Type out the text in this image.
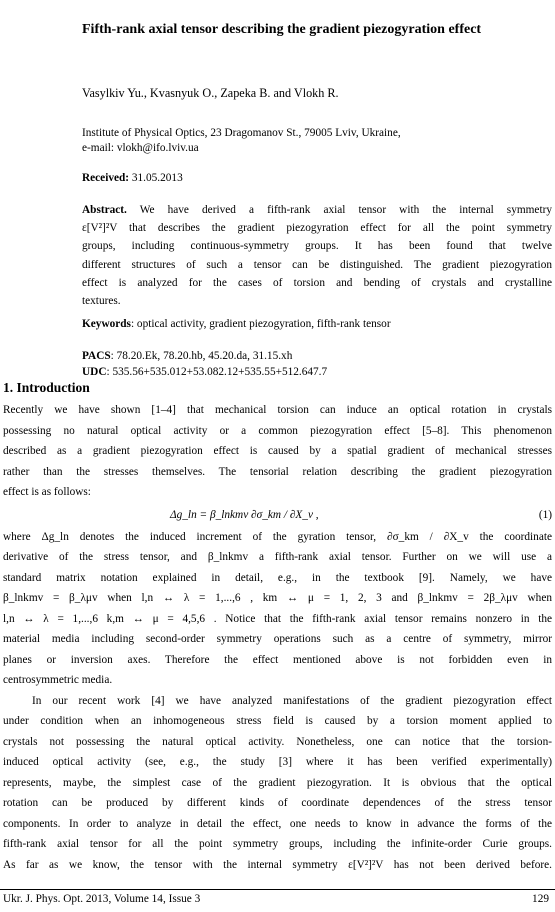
Fifth-rank axial tensor describing the gradient piezogyration effect
Vasylkiv Yu., Kvasnyuk O., Zapeka B. and Vlokh R.
Institute of Physical Optics, 23 Dragomanov St., 79005 Lviv, Ukraine,
e-mail: vlokh@ifo.lviv.ua
Received: 31.05.2013
Abstract. We have derived a fifth-rank axial tensor with the internal symmetry
ε[V²]²V that describes the gradient piezogyration effect for all the point symmetry
groups, including continuous-symmetry groups. It has been found that twelve
different structures of such a tensor can be distinguished. The gradient piezogyration
effect is analyzed for the cases of torsion and bending of crystals and crystalline
textures.
Keywords: optical activity, gradient piezogyration, fifth-rank tensor
PACS: 78.20.Ek, 78.20.hb, 45.20.da, 31.15.xh
UDC: 535.56+535.012+53.082.12+535.55+512.647.7
1. Introduction
Recently we have shown [1–4] that mechanical torsion can induce an optical rotation in crystals
possessing no natural optical activity or a common piezogyration effect [5–8]. This phenomenon
described as a gradient piezogyration effect is caused by a spatial gradient of mechanical stresses
rather than the stresses themselves. The tensorial relation describing the gradient piezogyration
effect is as follows:
Δg_ln = β_lnkmv ∂σ_km / ∂X_v ,	(1)
where Δg_ln denotes the induced increment of the gyration tensor, ∂σ_km / ∂X_v the coordinate
derivative of the stress tensor, and β_lnkmv a fifth-rank axial tensor. Further on we will use a
standard matrix notation explained in detail, e.g., in the textbook [9]. Namely, we have
β_lnkmv = β_λμv when l,n ↔ λ = 1,...,6 , km ↔ μ = 1, 2, 3 and β_lnkmv = 2β_λμv when
l,n ↔ λ = 1,...,6 k,m ↔ μ = 4,5,6 . Notice that the fifth-rank axial tensor remains nonzero in the
material media including second-order symmetry operations such as a centre of symmetry, mirror
planes or inversion axes. Therefore the effect mentioned above is not forbidden even in
centrosymmetric media.
In our recent work [4] we have analyzed manifestations of the gradient piezogyration effect
under condition when an inhomogeneous stress field is caused by a torsion moment applied to
crystals not possessing the natural optical activity. Nonetheless, one can notice that the torsion-
induced optical activity (see, e.g., the study [3] where it has been verified experimentally)
represents, maybe, the simplest case of the gradient piezogyration. It is obvious that the optical
rotation can be produced by different kinds of coordinate dependences of the stress tensor
components. In order to analyze in detail the effect, one needs to know in advance the forms of the
fifth-rank axial tensor for all the point symmetry groups, including the infinite-order Curie groups.
As far as we know, the tensor with the internal symmetry ε[V²]²V has not been derived before.
Ukr. J. Phys. Opt. 2013, Volume 14, Issue 3	129
